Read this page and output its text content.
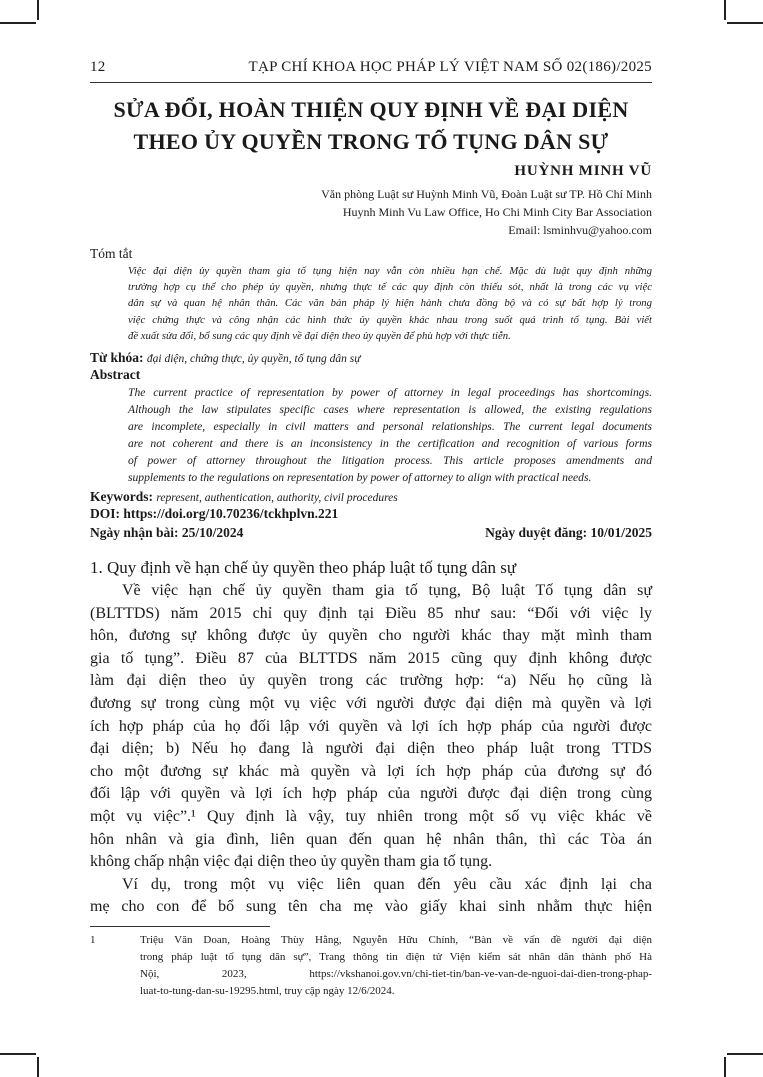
12	TẠP CHÍ KHOA HỌC PHÁP LÝ VIỆT NAM SỐ 02(186)/2025
SỬA ĐỔI, HOÀN THIỆN QUY ĐỊNH VỀ ĐẠI DIỆN
THEO ỦY QUYỀN TRONG TỐ TỤNG DÂN SỰ
HUỲNH MINH VŨ
Văn phòng Luật sư Huỳnh Minh Vũ, Đoàn Luật sư TP. Hồ Chí Minh
Huynh Minh Vu Law Office, Ho Chi Minh City Bar Association
Email: lsminhvu@yahoo.com
Tóm tắt
Việc đại diện ủy quyền tham gia tố tụng hiện nay vẫn còn nhiều hạn chế. Mặc dù luật quy định những
trường hợp cụ thể cho phép ủy quyền, nhưng thực tế các quy định còn thiếu sót, nhất là trong các vụ việc
dân sự và quan hệ nhân thân. Các văn bản pháp lý hiện hành chưa đồng bộ và có sự bất hợp lý trong
việc chứng thực và công nhận các hình thức ủy quyền khác nhau trong suốt quá trình tố tụng. Bài viết
đề xuất sửa đổi, bổ sung các quy định về đại diện theo ủy quyền để phù hợp với thực tiễn.
Từ khóa: đại diện, chứng thực, ủy quyền, tố tụng dân sự
Abstract
The current practice of representation by power of attorney in legal proceedings has shortcomings.
Although the law stipulates specific cases where representation is allowed, the existing regulations
are incomplete, especially in civil matters and personal relationships. The current legal documents
are not coherent and there is an inconsistency in the certification and recognition of various forms
of power of attorney throughout the litigation process. This article proposes amendments and
supplements to the regulations on representation by power of attorney to align with practical needs.
Keywords: represent, authentication, authority, civil procedures
DOI: https://doi.org/10.70236/tckhplvn.221
Ngày nhận bài: 25/10/2024	Ngày duyệt đăng: 10/01/2025
1. Quy định về hạn chế ủy quyền theo pháp luật tố tụng dân sự
Về việc hạn chế ủy quyền tham gia tố tụng, Bộ luật Tố tụng dân sự
(BLTTDS) năm 2015 chỉ quy định tại Điều 85 như sau: “Đối với việc ly
hôn, đương sự không được ủy quyền cho người khác thay mặt mình tham
gia tố tụng”. Điều 87 của BLTTDS năm 2015 cũng quy định không được
làm đại diện theo ủy quyền trong các trường hợp: “a) Nếu họ cũng là
đương sự trong cùng một vụ việc với người được đại diện mà quyền và lợi
ích hợp pháp của họ đối lập với quyền và lợi ích hợp pháp của người được
đại diện; b) Nếu họ đang là người đại diện theo pháp luật trong TTDS
cho một đương sự khác mà quyền và lợi ích hợp pháp của đương sự đó
đối lập với quyền và lợi ích hợp pháp của người được đại diện trong cùng
một vụ việc”.¹ Quy định là vậy, tuy nhiên trong một số vụ việc khác về
hôn nhân và gia đình, liên quan đến quan hệ nhân thân, thì các Tòa án
không chấp nhận việc đại diện theo ủy quyền tham gia tố tụng.
Ví dụ, trong một vụ việc liên quan đến yêu cầu xác định lại cha
mẹ cho con để bổ sung tên cha mẹ vào giấy khai sinh nhằm thực hiện
1	Triệu Văn Doan, Hoàng Thùy Hằng, Nguyễn Hữu Chính, “Bàn về vấn đề người đại diện
trong pháp luật tố tụng dân sự”, Trang thông tin điện tử Viện kiểm sát nhân dân thành phố Hà
Nội, 2023, https://vkshanoi.gov.vn/chi-tiet-tin/ban-ve-van-de-nguoi-dai-dien-trong-phap-
luat-to-tung-dan-su-19295.html, truy cập ngày 12/6/2024.
